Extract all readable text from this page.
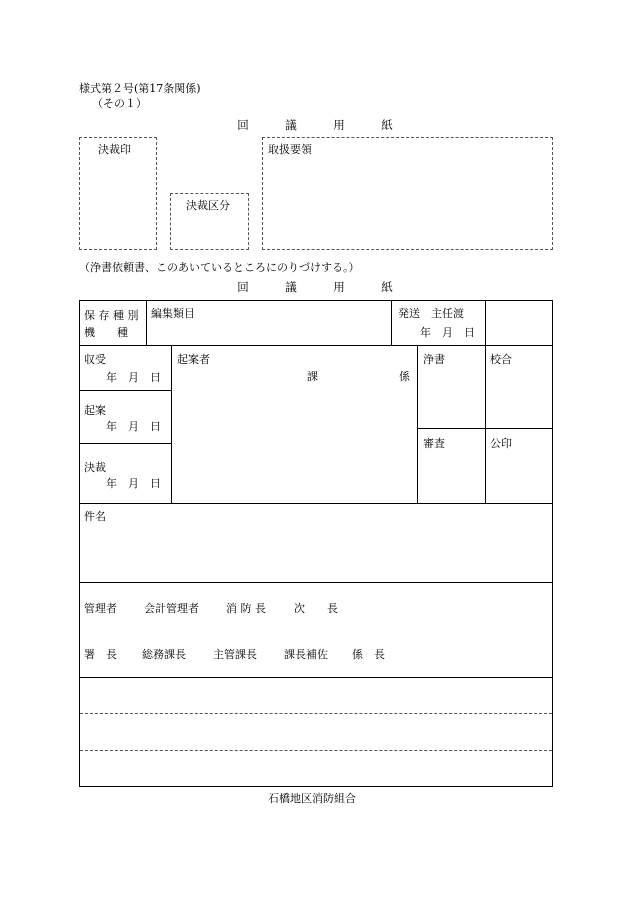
様式第２号(第17条関係)
（その１）
回	議	用	紙
決裁印
決裁区分
取扱要領
（浄書依頼書、このあいているところにのりづけする。）
回	議	用	紙
保 存 種 別
機　　種
編集類目	発送　主任渡
年　月　日
収受
年　月　日
起案
年　月　日
決裁
年　月　日
起案者
課	係
浄書	校合
審査	公印
件名
管理者 会計管理者 消 防 長	次　　長
署　長 総務課長 主管課長 課長補佐 係　長
石橋地区消防組合
